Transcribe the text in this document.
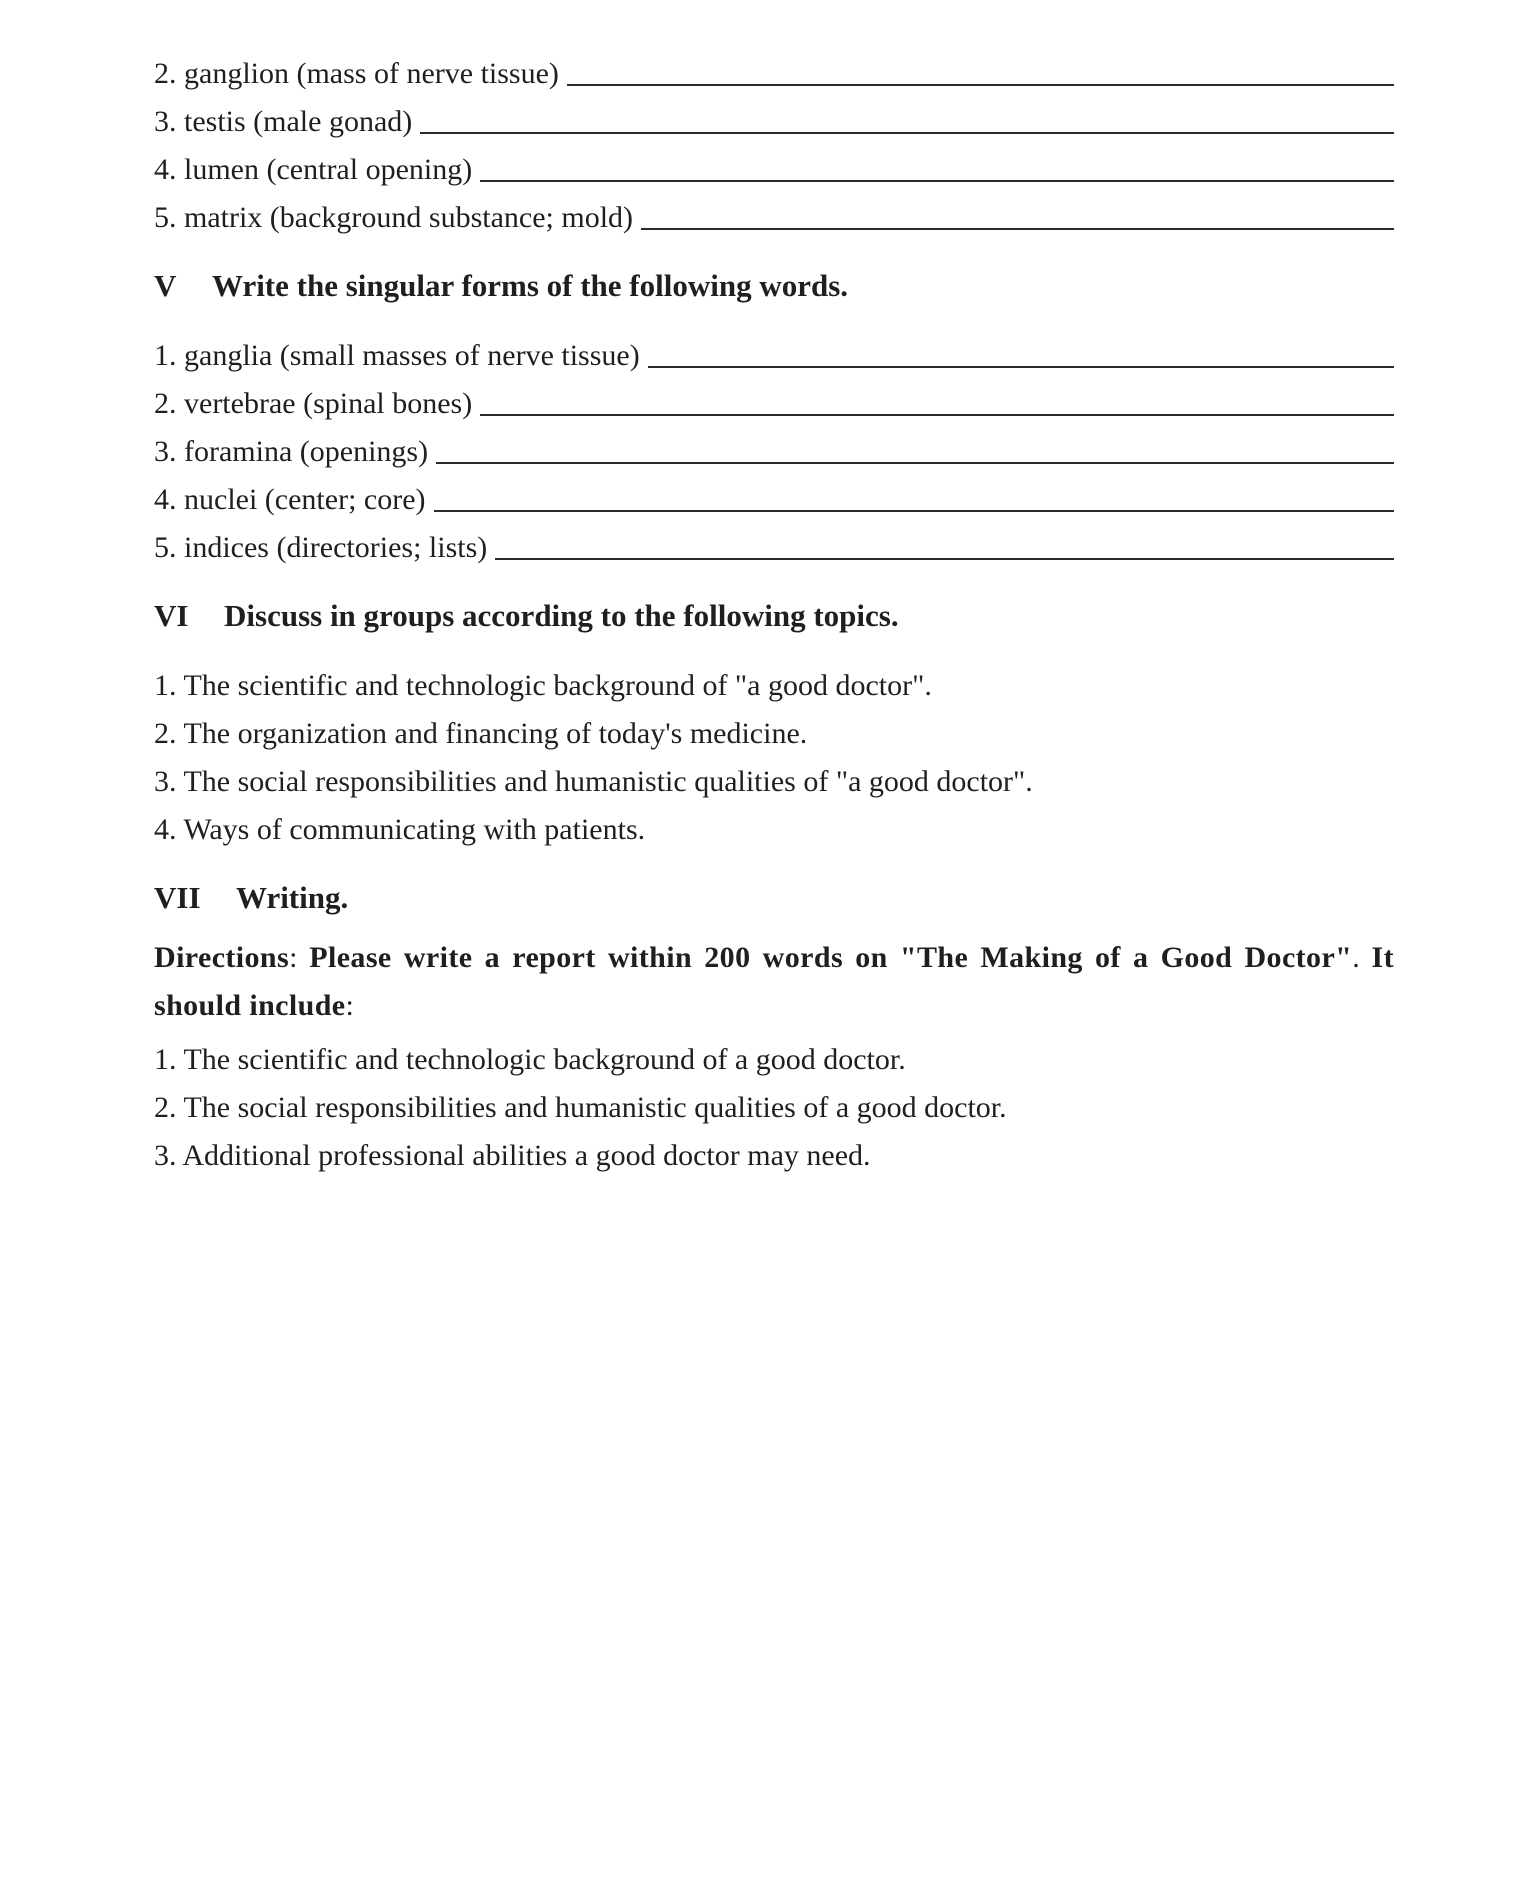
2. ganglion (mass of nerve tissue)
3. testis (male gonad)
4. lumen (central opening)
5. matrix (background substance; mold)
V	Write the singular forms of the following words.
1. ganglia (small masses of nerve tissue)
2. vertebrae (spinal bones)
3. foramina (openings)
4. nuclei (center; core)
5. indices (directories; lists)
VI	Discuss in groups according to the following topics.
1. The scientific and technologic background of "a good doctor".
2. The organization and financing of today's medicine.
3. The social responsibilities and humanistic qualities of "a good doctor".
4. Ways of communicating with patients.
VII	Writing.
Directions: Please write a report within 200 words on "The Making of a Good Doctor". It should include:
1. The scientific and technologic background of a good doctor.
2. The social responsibilities and humanistic qualities of a good doctor.
3. Additional professional abilities a good doctor may need.
